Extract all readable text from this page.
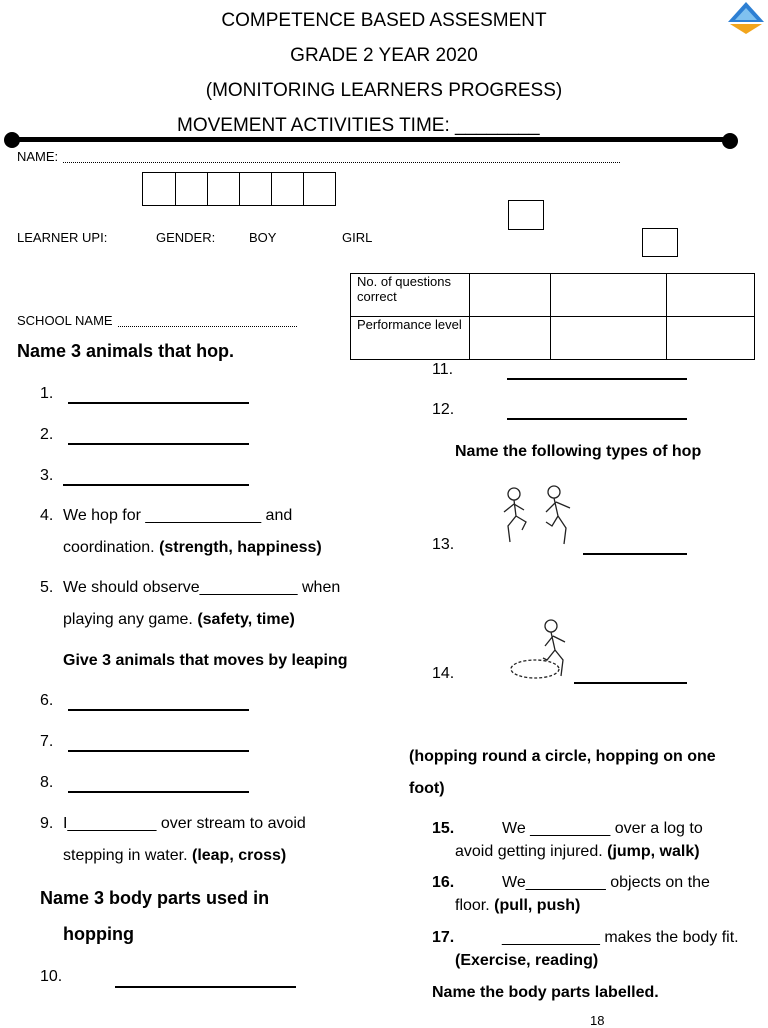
COMPETENCE BASED ASSESMENT
GRADE 2 YEAR 2020
(MONITORING LEARNERS PROGRESS)
MOVEMENT ACTIVITIES TIME: ________
NAME:
LEARNER UPI:	GENDER:	BOY	GIRL
No. of questions correct			
Performance level			
SCHOOL NAME
Name 3 animals that hop.
1.
2.
3.
4. We hop for _____________ and
coordination. (strength, happiness)
5. We should observe___________ when
playing any game. (safety, time)
Give 3 animals that moves by leaping
6.
7.
8.
9. I__________ over stream to avoid
stepping in water. (leap, cross)
Name 3 body parts used in
hopping
10.
11.
12.
Name the following types of hop
13.
14.
(hopping round a circle, hopping on one
foot)
15.	We _________ over a log to
avoid getting injured. (jump, walk)
16.	We_________ objects on the
floor. (pull, push)
17.	___________ makes the body fit.
(Exercise, reading)
Name the body parts labelled.
18
